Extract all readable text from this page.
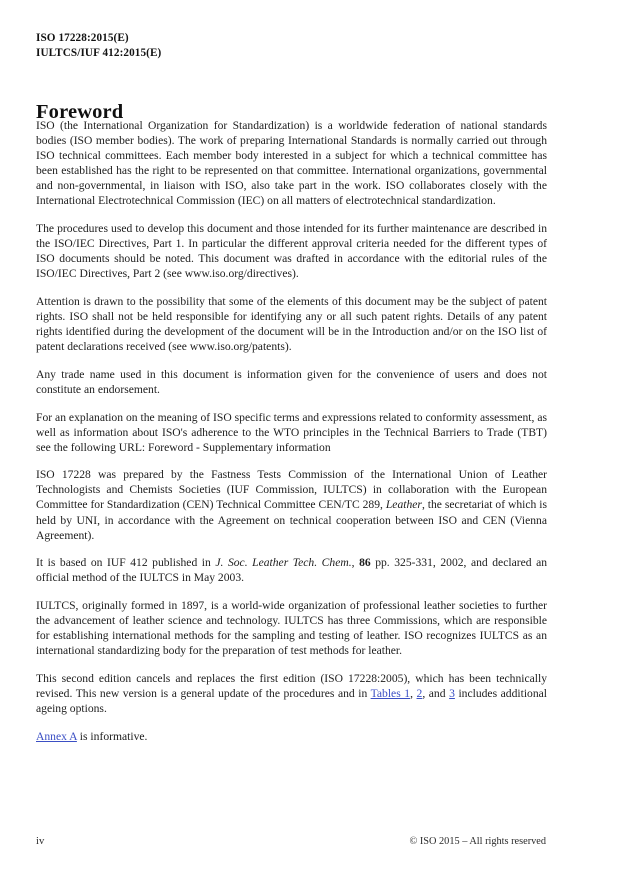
ISO 17228:2015(E)
IULTCS/IUF 412:2015(E)
Foreword

ISO (the International Organization for Standardization) is a worldwide federation of national standards bodies (ISO member bodies). The work of preparing International Standards is normally carried out through ISO technical committees. Each member body interested in a subject for which a technical committee has been established has the right to be represented on that committee. International organizations, governmental and non-governmental, in liaison with ISO, also take part in the work. ISO collaborates closely with the International Electrotechnical Commission (IEC) on all matters of electrotechnical standardization.

The procedures used to develop this document and those intended for its further maintenance are described in the ISO/IEC Directives, Part 1. In particular the different approval criteria needed for the different types of ISO documents should be noted. This document was drafted in accordance with the editorial rules of the ISO/IEC Directives, Part 2 (see www.iso.org/directives).

Attention is drawn to the possibility that some of the elements of this document may be the subject of patent rights. ISO shall not be held responsible for identifying any or all such patent rights. Details of any patent rights identified during the development of the document will be in the Introduction and/or on the ISO list of patent declarations received (see www.iso.org/patents).

Any trade name used in this document is information given for the convenience of users and does not constitute an endorsement.

For an explanation on the meaning of ISO specific terms and expressions related to conformity assessment, as well as information about ISO's adherence to the WTO principles in the Technical Barriers to Trade (TBT) see the following URL: Foreword - Supplementary information

ISO 17228 was prepared by the Fastness Tests Commission of the International Union of Leather Technologists and Chemists Societies (IUF Commission, IULTCS) in collaboration with the European Committee for Standardization (CEN) Technical Committee CEN/TC 289, Leather, the secretariat of which is held by UNI, in accordance with the Agreement on technical cooperation between ISO and CEN (Vienna Agreement).

It is based on IUF 412 published in J. Soc. Leather Tech. Chem., 86 pp. 325-331, 2002, and declared an official method of the IULTCS in May 2003.

IULTCS, originally formed in 1897, is a world-wide organization of professional leather societies to further the advancement of leather science and technology. IULTCS has three Commissions, which are responsible for establishing international methods for the sampling and testing of leather. ISO recognizes IULTCS as an international standardizing body for the preparation of test methods for leather.

This second edition cancels and replaces the first edition (ISO 17228:2005), which has been technically revised. This new version is a general update of the procedures and in Tables 1, 2, and 3 includes additional ageing options.

Annex A is informative.

iv	© ISO 2015 – All rights reserved
